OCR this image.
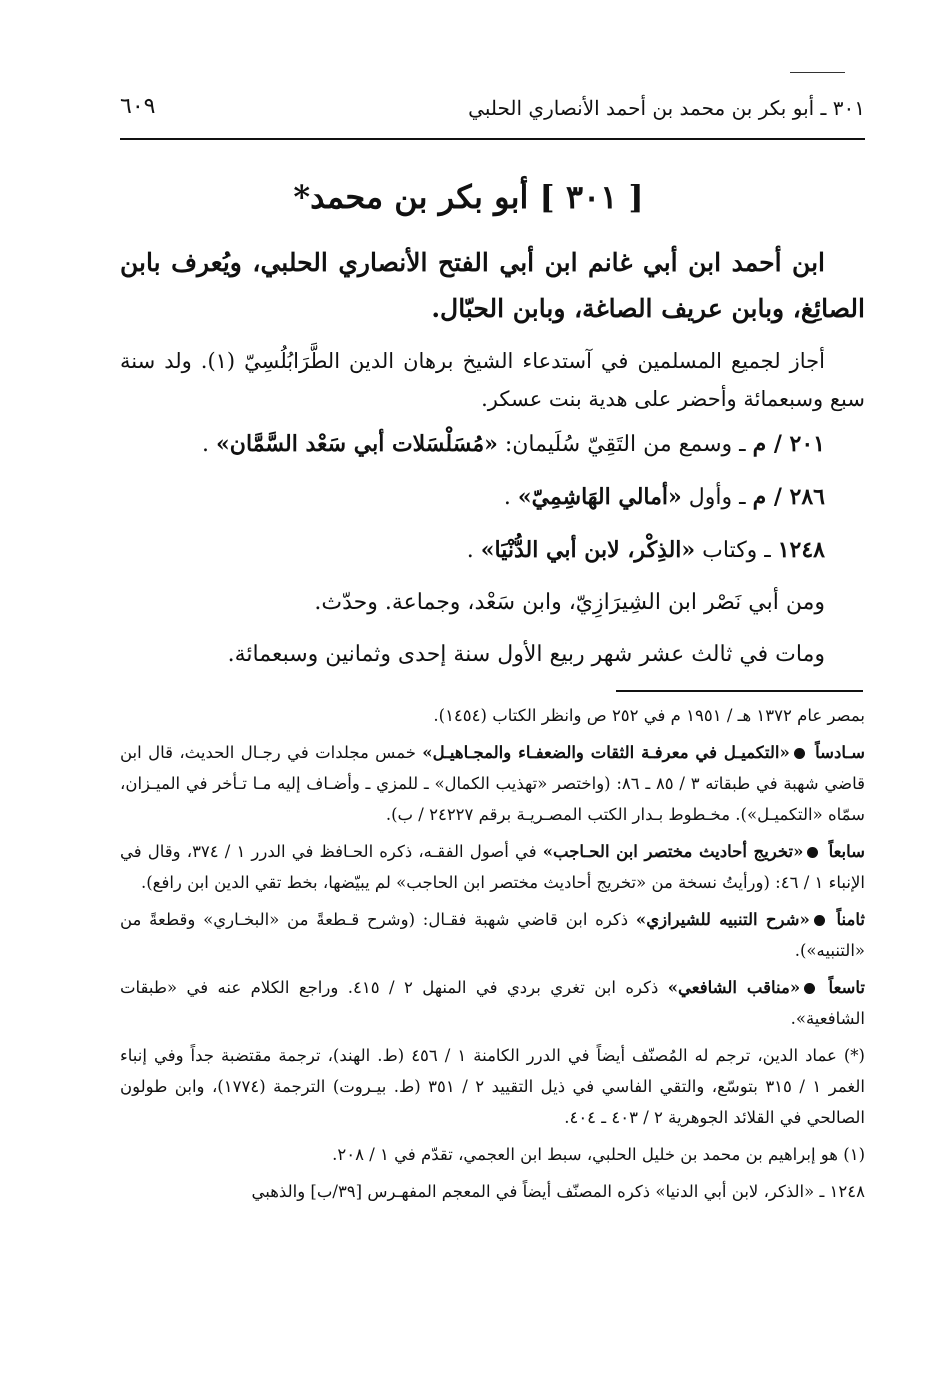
٣٠١ ـ أبو بكر بن محمد بن أحمد الأنصاري الحلبي
٦٠٩
[ ٣٠١ ] أبو بكر بن محمد*

ابن أحمد ابن أبي غانم ابن أبي الفتح الأنصاري الحلبي، ويُعرف بابن الصائِغ، وبابن عريف الصاغة، وبابن الحبّال.

أجاز لجميع المسلمين في آستدعاء الشيخ برهان الدين الطَّرَابُلُسِيّ (١). ولد سنة سبع وسبعمائة وأحضر على هدية بنت عسكر.

٢٠١ / م ـ وسمع من التَقِيّ سُلَيمان: «مُسَلْسَلات أبي سَعْد السَّمَّان» .

٢٨٦ / م ـ وأول «أمالي الهَاشِمِيّ» .

١٢٤٨ ـ وكتاب «الذِكْر، لابن أبي الدُّنْيَا» .

ومن أبي نَصْر ابن الشِيرَازِيّ، وابن سَعْد، وجماعة. وحدّث.

ومات في ثالث عشر شهر ربيع الأول سنة إحدى وثمانين وسبعمائة.

بمصر عام ١٣٧٢ هـ / ١٩٥١ م في ٢٥٢ ص وانظر الكتاب (١٤٥٤).

سـادساً «التكميـل في معرفـة الثقات والضعفـاء والمجـاهيـل» خمس مجلدات في رجـال الحديث، قال ابن قاضي شهبة في طبقاته ٣ / ٨٥ ـ ٨٦: (واختصر «تهذيب الكمال» ـ للمزي ـ وأضـاف إليه مـا تـأخر في الميـزان، سمّاه «التكميـل»). مخـطوط بـدار الكتب المصـريـة برقم ٢٤٢٢٧ / ب).

سابعاً «تخريج أحاديث مختصر ابن الحـاجب» في أصول الفقـه، ذكره الحـافظ في الدرر ١ / ٣٧٤، وقال في الإنباء ١ / ٤٦: (ورأيتُ نسخة من «تخريج أحاديث مختصر ابن الحاجب» لم يبيّضها، بخط تقي الدين ابن رافع).

ثامناً «شرح التنبيه للشيرازي» ذكره ابن قاضي شهبة فقـال: (وشرح قـطعةً من «البخـاري» وقطعةً من «التنبيه»).

تاسعاً «مناقب الشافعي» ذكره ابن تغري بردي في المنهل ٢ / ٤١٥. وراجع الكلام عنه في «طبقات الشافعية».

(*) عماد الدين، ترجم له المُصنّف أيضاً في الدرر الكامنة ١ / ٤٥٦ (ط. الهند)، ترجمة مقتضبة جداً وفي إنباء الغمر ١ / ٣١٥ بتوسّع، والتقي الفاسي في ذيل التقييد ٢ / ٣٥١ (ط. بيـروت) الترجمة (١٧٧٤)، وابن طولون الصالحي في القلائد الجوهرية ٢ / ٤٠٣ ـ ٤٠٤.

(١) هو إبراهيم بن محمد بن خليل الحلبي، سبط ابن العجمي، تقدّم في ١ / ٢٠٨.

١٢٤٨ ـ «الذكر، لابن أبي الدنيا» ذكره المصنّف أيضاً في المعجم المفهـرس [٣٩/ب] والذهبي
